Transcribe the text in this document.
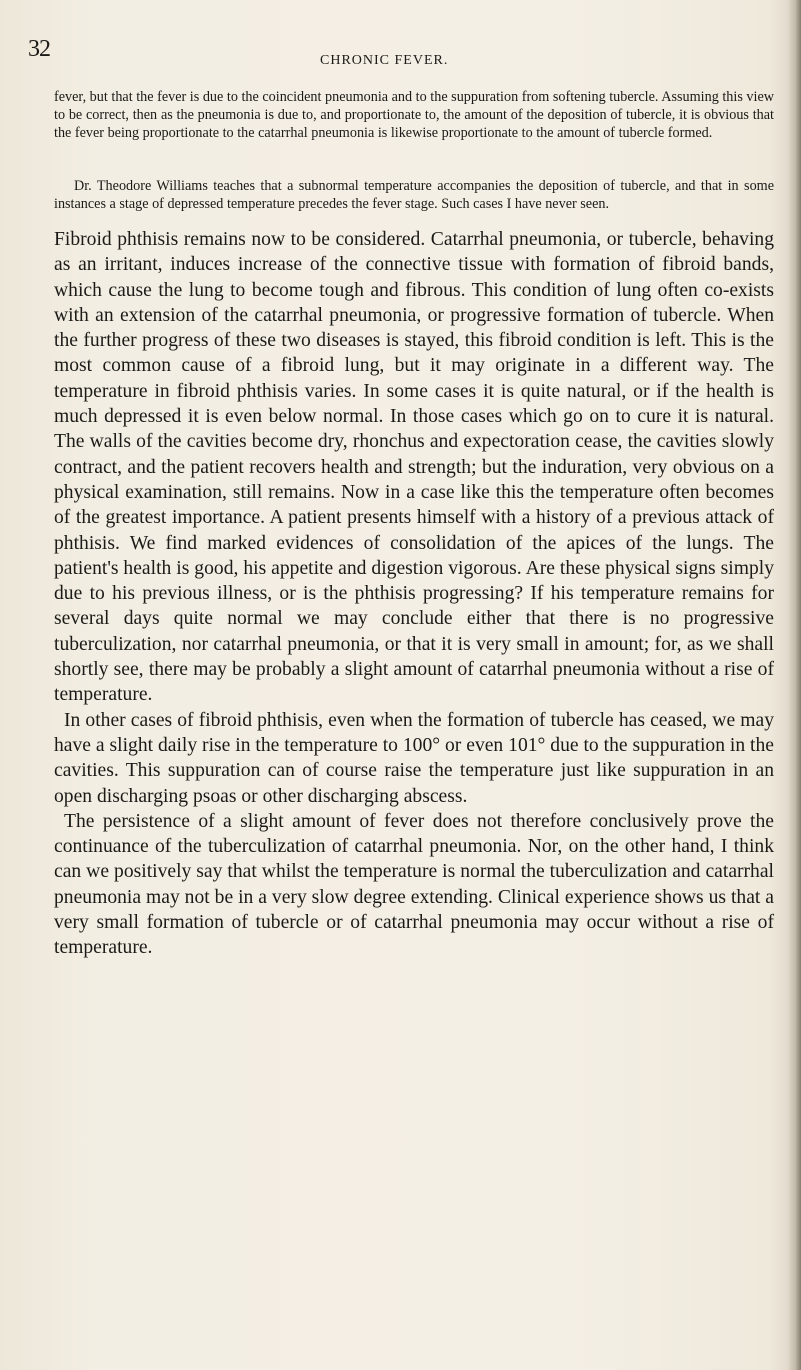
32	CHRONIC FEVER.

fever, but that the fever is due to the coincident pneumonia and to the suppuration from softening tubercle. Assuming this view to be correct, then as the pneumonia is due to, and proportionate to, the amount of the deposition of tubercle, it is obvious that the fever being proportionate to the catarrhal pneumonia is likewise proportionate to the amount of tubercle formed.

Dr. Theodore Williams teaches that a subnormal temperature accompanies the deposition of tubercle, and that in some instances a stage of depressed temperature precedes the fever stage. Such cases I have never seen.

Fibroid phthisis remains now to be considered. Catarrhal pneumonia, or tubercle, behaving as an irritant, induces increase of the connective tissue with formation of fibroid bands, which cause the lung to become tough and fibrous. This condition of lung often co-exists with an extension of the catarrhal pneumonia, or progressive formation of tubercle. When the further progress of these two diseases is stayed, this fibroid condition is left. This is the most common cause of a fibroid lung, but it may originate in a different way. The temperature in fibroid phthisis varies. In some cases it is quite natural, or if the health is much depressed it is even below normal. In those cases which go on to cure it is natural. The walls of the cavities become dry, rhonchus and expectoration cease, the cavities slowly contract, and the patient recovers health and strength; but the induration, very obvious on a physical examination, still remains. Now in a case like this the temperature often becomes of the greatest importance. A patient presents himself with a history of a previous attack of phthisis. We find marked evidences of consolidation of the apices of the lungs. The patient's health is good, his appetite and digestion vigorous. Are these physical signs simply due to his previous illness, or is the phthisis progressing? If his temperature remains for several days quite normal we may conclude either that there is no progressive tuberculization, nor catarrhal pneumonia, or that it is very small in amount; for, as we shall shortly see, there may be probably a slight amount of catarrhal pneumonia without a rise of temperature.

In other cases of fibroid phthisis, even when the formation of tubercle has ceased, we may have a slight daily rise in the temperature to 100° or even 101° due to the suppuration in the cavities. This suppuration can of course raise the temperature just like suppuration in an open discharging psoas or other discharging abscess.

The persistence of a slight amount of fever does not therefore conclusively prove the continuance of the tuberculization of catarrhal pneumonia. Nor, on the other hand, I think can we positively say that whilst the temperature is normal the tuberculization and catarrhal pneumonia may not be in a very slow degree extending. Clinical experience shows us that a very small formation of tubercle or of catarrhal pneumonia may occur without a rise of temperature.
